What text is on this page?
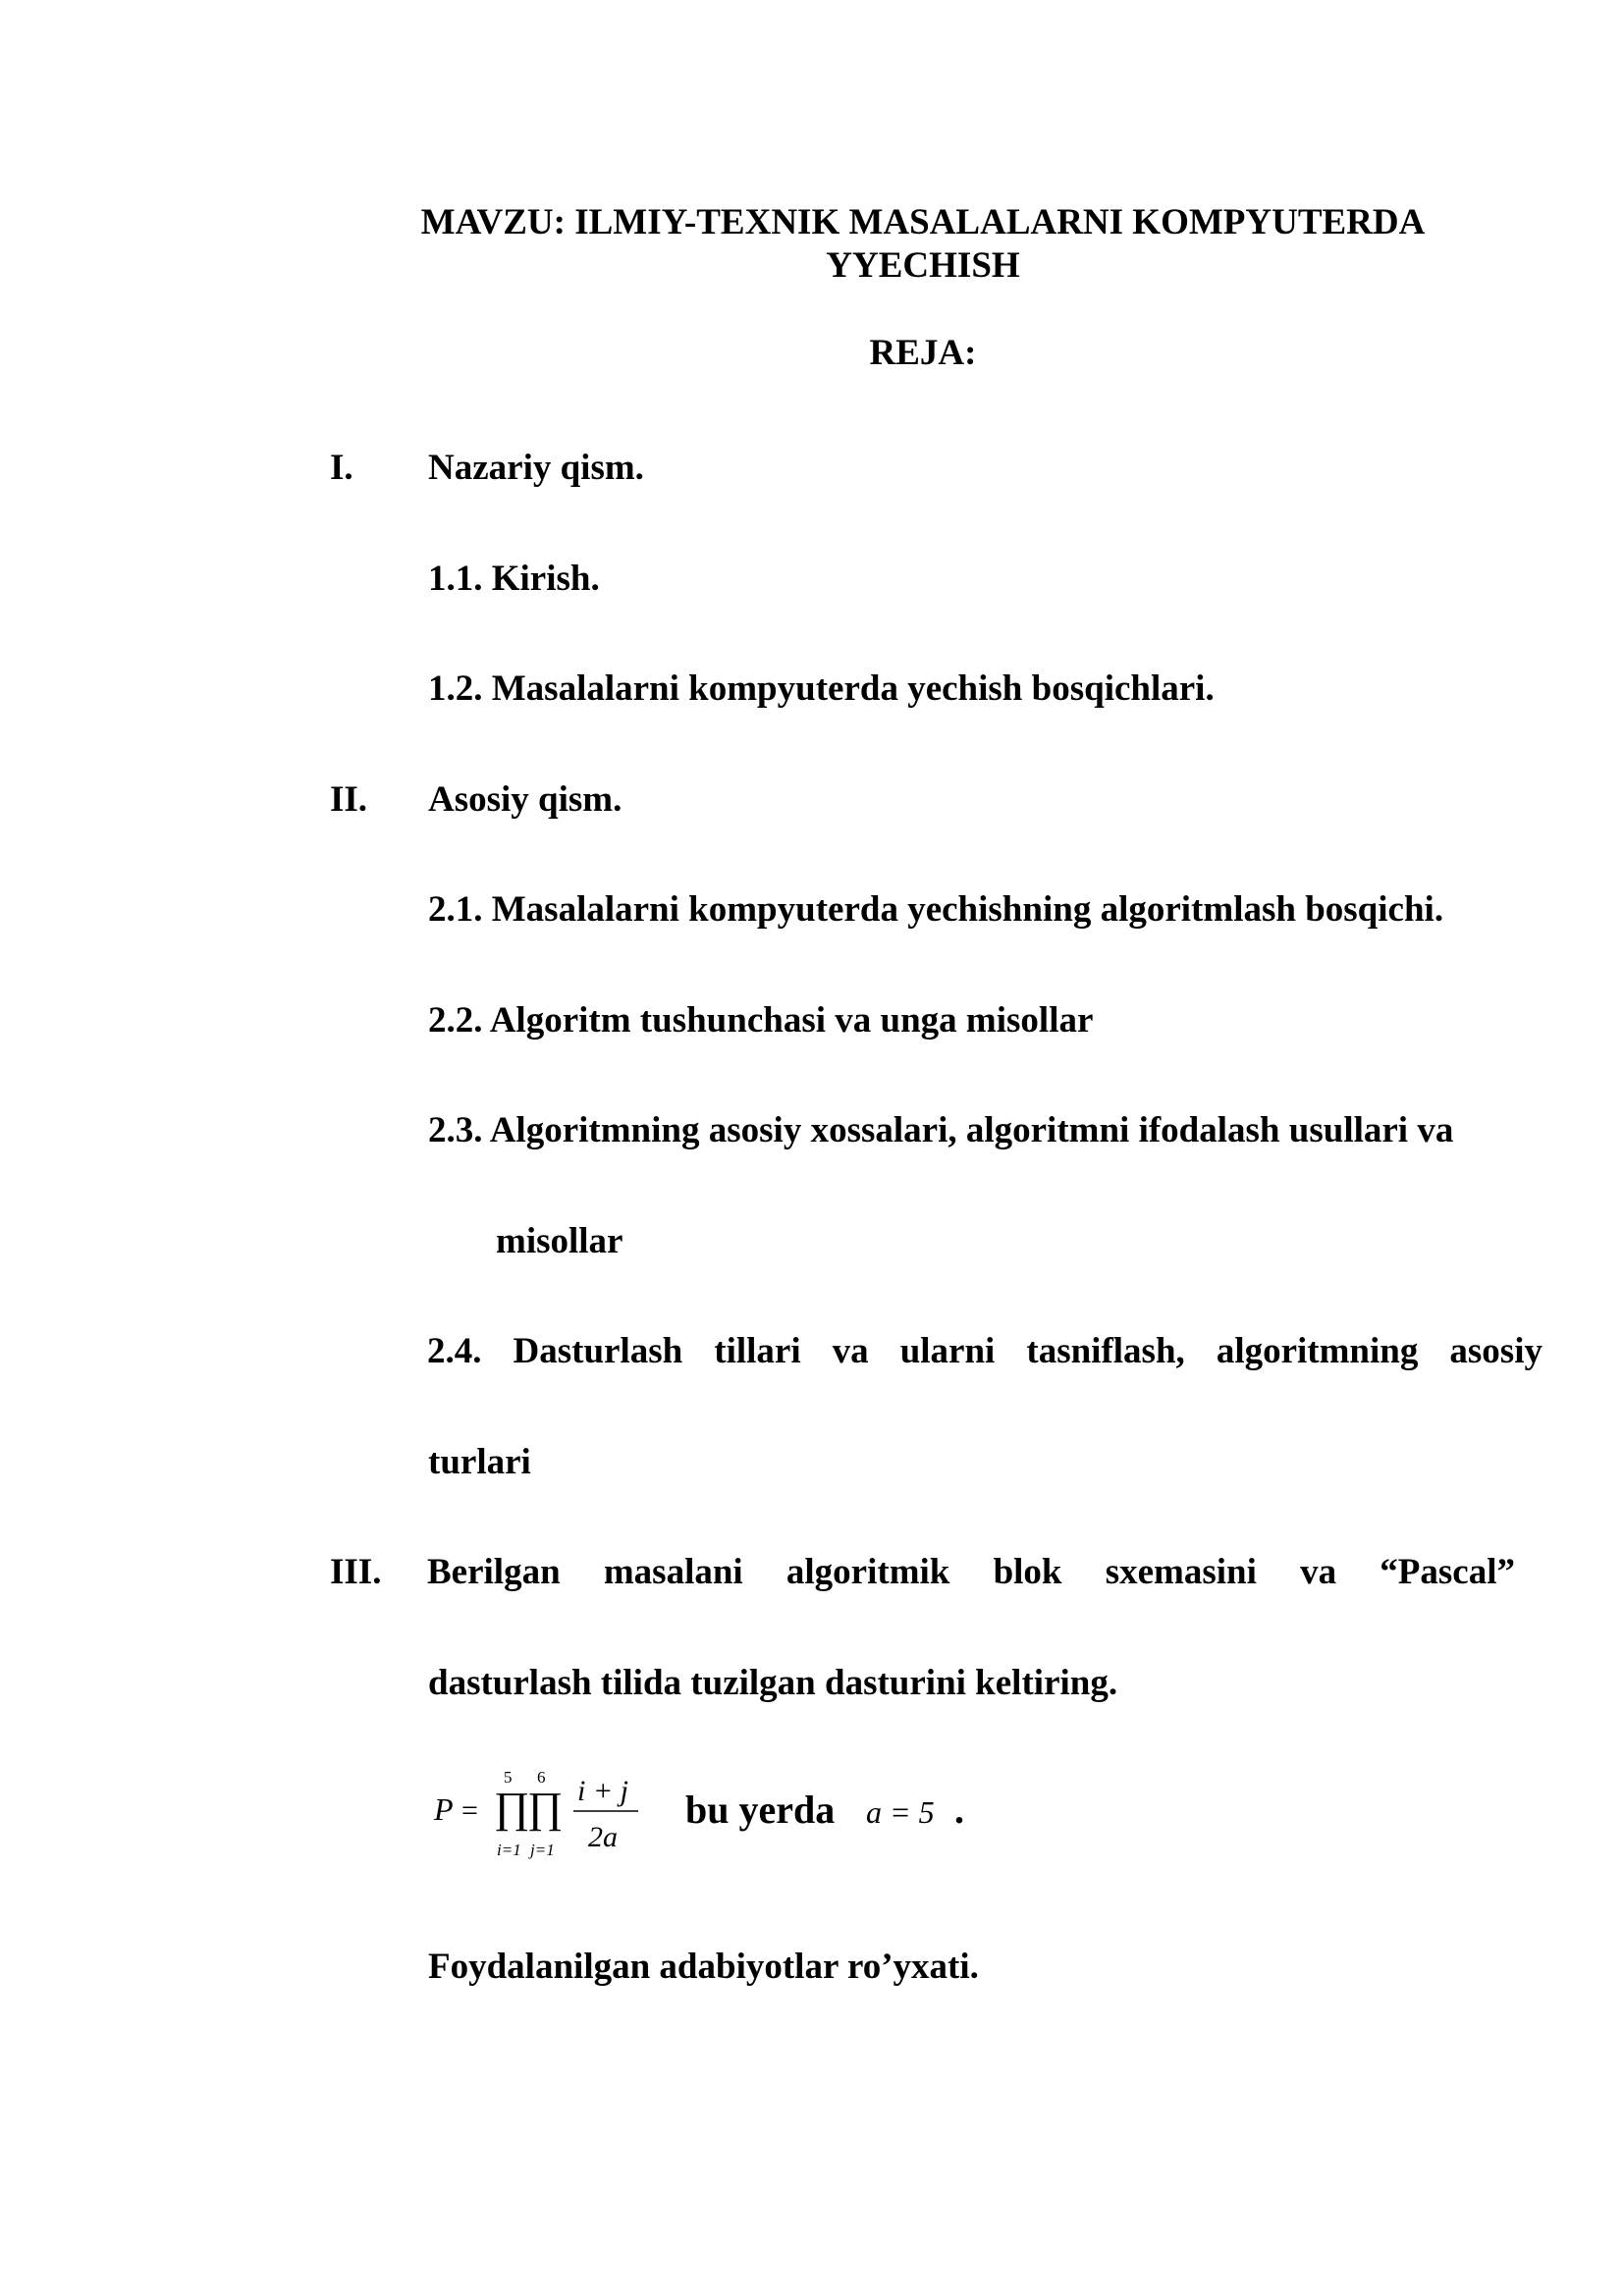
MAVZU: ILMIY-TEXNIK MASALALARNI KOMPYUTERDA
YYECHISH
REJA:
I. Nazariy qism.
1.1. Kirish.
1.2. Masalalarni kompyuterda yechish bosqichlari.
II. Asosiy qism.
2.1. Masalalarni kompyuterda yechishning algoritmlash bosqichi.
2.2. Algoritm tushunchasi va unga misollar
2.3. Algoritmning asosiy xossalari, algoritmni ifodalash usullari va
misollar
2.4. Dasturlash tillari va ularni tasniflash, algoritmning asosiy
turlari
III. Berilgan masalani algoritmik blok sxemasini va “Pascal”
dasturlash tilida tuzilgan dasturini keltiring.
P = ∏
5
i=1
∏
6
j=1
i + j
2a
bu yerda a = 5 .
Foydalanilgan adabiyotlar ro’yxati.
